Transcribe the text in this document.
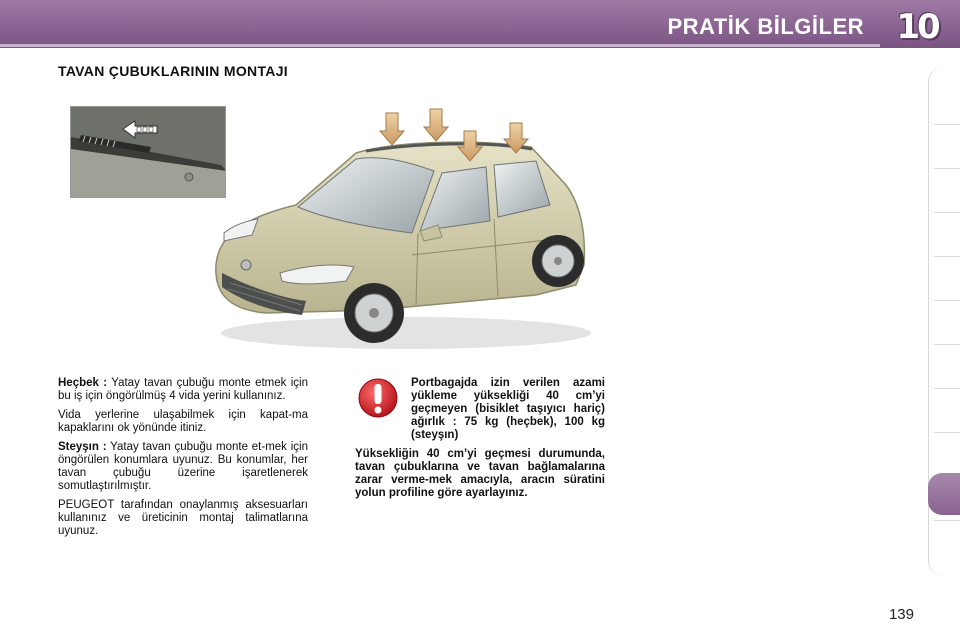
PRATİK BİLGİLER 10
TAVAN ÇUBUKLARININ MONTAJI

Heçbek : Yatay tavan çubuğu monte etmek için bu iş için öngörülmüş 4 vida yerini kullanınız.

Vida yerlerine ulaşabilmek için kapat-ma kapaklarını ok yönünde itiniz.

Steyşın : Yatay tavan çubuğu monte et-mek için öngörülen konumlara uyunuz. Bu konumlar, her tavan çubuğu üzerine işaretlenerek somutlaştırılmıştır.

PEUGEOT tarafından onaylanmış aksesuarları kullanınız ve üreticinin montaj talimatlarına uyunuz.

Portbagajda izin verilen azami yükleme yüksekliği 40 cm’yi geçmeyen (bisiklet taşıyıcı hariç) ağırlık : 75 kg (heçbek), 100 kg (steyşın)

Yükseklig̃in 40 cm’yi geçmesi durumunda, tavan çubuklarına ve tavan bağlamalarına zarar verme-mek amacıyla, aracın süratini yolun profiline göre ayarlayınız.

139
